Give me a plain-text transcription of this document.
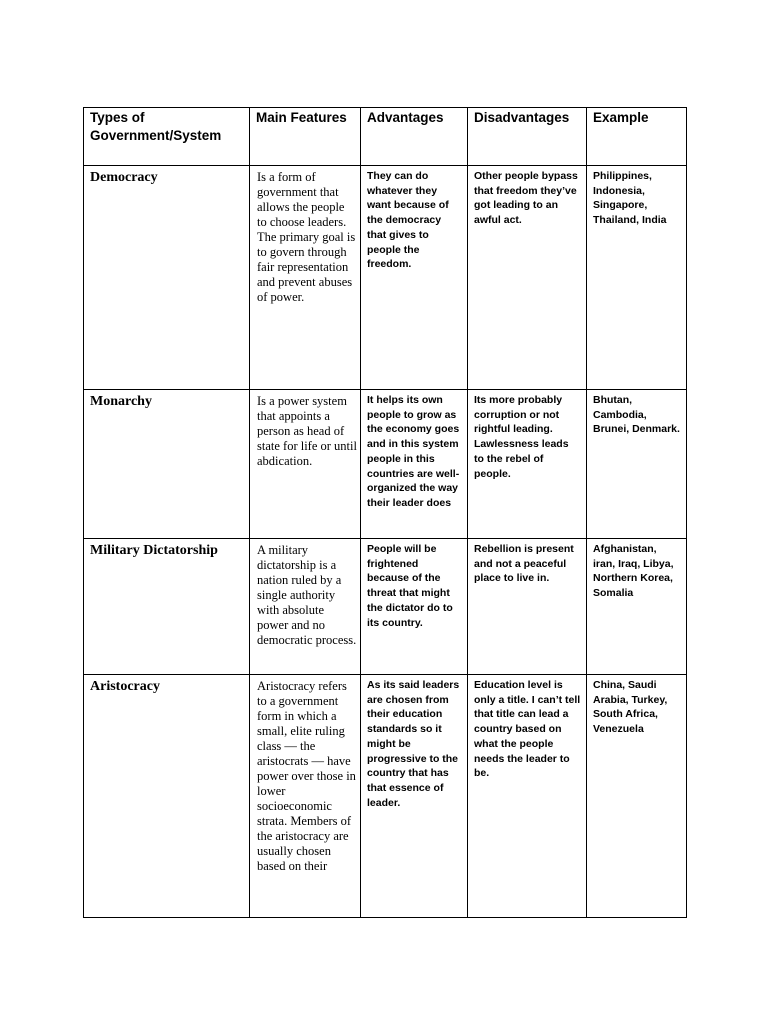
Types of Government/System	Main Features	Advantages	Disadvantages	Example
Democracy	Is a form of government that allows the people to choose leaders. The primary goal is to govern through fair representation and prevent abuses of power.	They can do whatever they want because of the democracy that gives to people the freedom.	Other people bypass that freedom they’ve got leading to an awful act.	Philippines, Indonesia, Singapore, Thailand, India
Monarchy	Is a power system that appoints a person as head of state for life or until abdication.	It helps its own people to grow as the economy goes and in this system people in this countries are well-organized the way their leader does	Its more probably corruption or not rightful leading. Lawlessness leads to the rebel of people.	Bhutan, Cambodia, Brunei, Denmark.
Military Dictatorship	A military dictatorship is a nation ruled by a single authority with absolute power and no democratic process.	People will be frightened because of the threat that might the dictator do to its country.	Rebellion is present and not a peaceful place to live in.	Afghanistan, iran, Iraq, Libya, Northern Korea, Somalia
Aristocracy	Aristocracy refers to a government form in which a small, elite ruling class — the aristocrats — have power over those in lower socioeconomic strata. Members of the aristocracy are usually chosen based on their	As its said leaders are chosen from their education standards so it might be progressive to the country that has that essence of leader.	Education level is only a title. I can’t tell that title can lead a country based on what the people needs the leader to be.	China, Saudi Arabia, Turkey, South Africa, Venezuela
